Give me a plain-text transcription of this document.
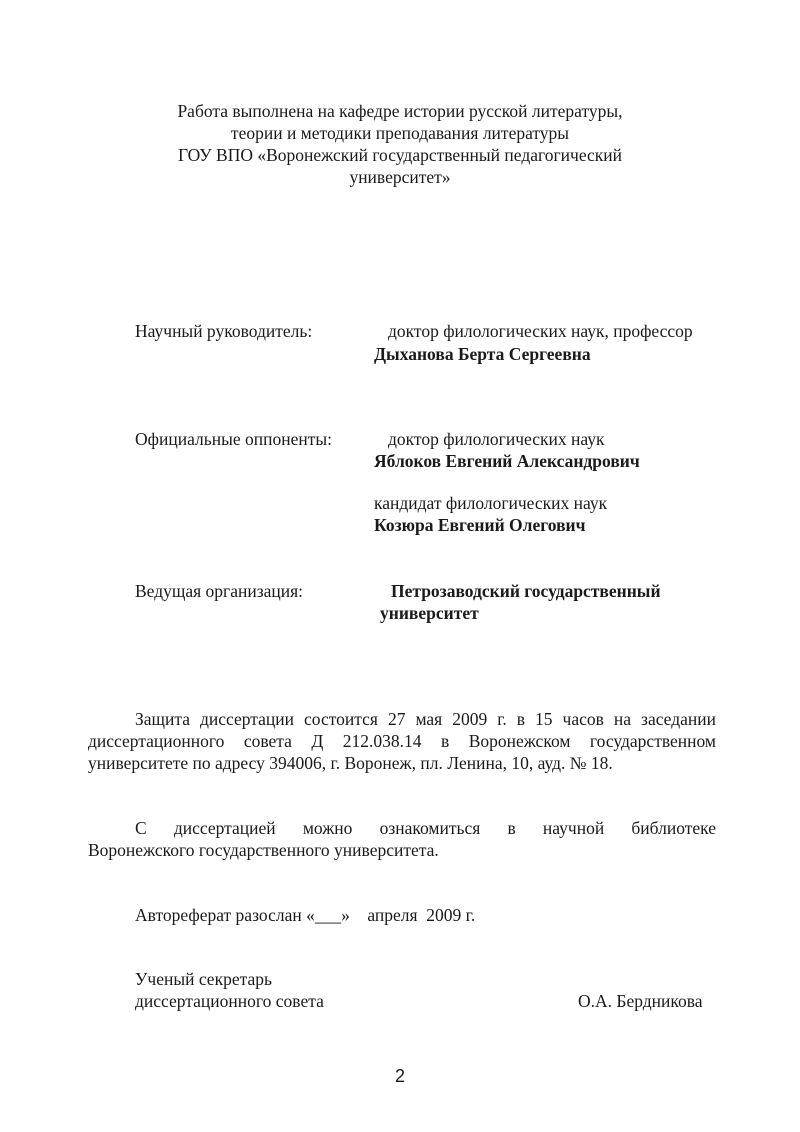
Работа выполнена на кафедре истории русской литературы,
теории и методики преподавания литературы
ГОУ ВПО «Воронежский государственный педагогический
университет»
Научный руководитель:	доктор филологических наук, профессор
Дыханова Берта Сергеевна
Официальные оппоненты:	доктор филологических наук
Яблоков Евгений Александрович
кандидат филологических наук
Козюра Евгений Олегович
Ведущая организация:	Петрозаводский государственный
университет
Защита диссертации состоится 27 мая 2009 г. в 15 часов на заседании
диссертационного совета Д 212.038.14 в Воронежском государственном
университете по адресу 394006, г. Воронеж, пл. Ленина, 10, ауд. № 18.
С диссертацией можно ознакомиться в научной библиотеке
Воронежского государственного университета.
Автореферат разослан «___»    апреля  2009 г.
Ученый секретарь
диссертационного совета	О.А. Бердникова
2
